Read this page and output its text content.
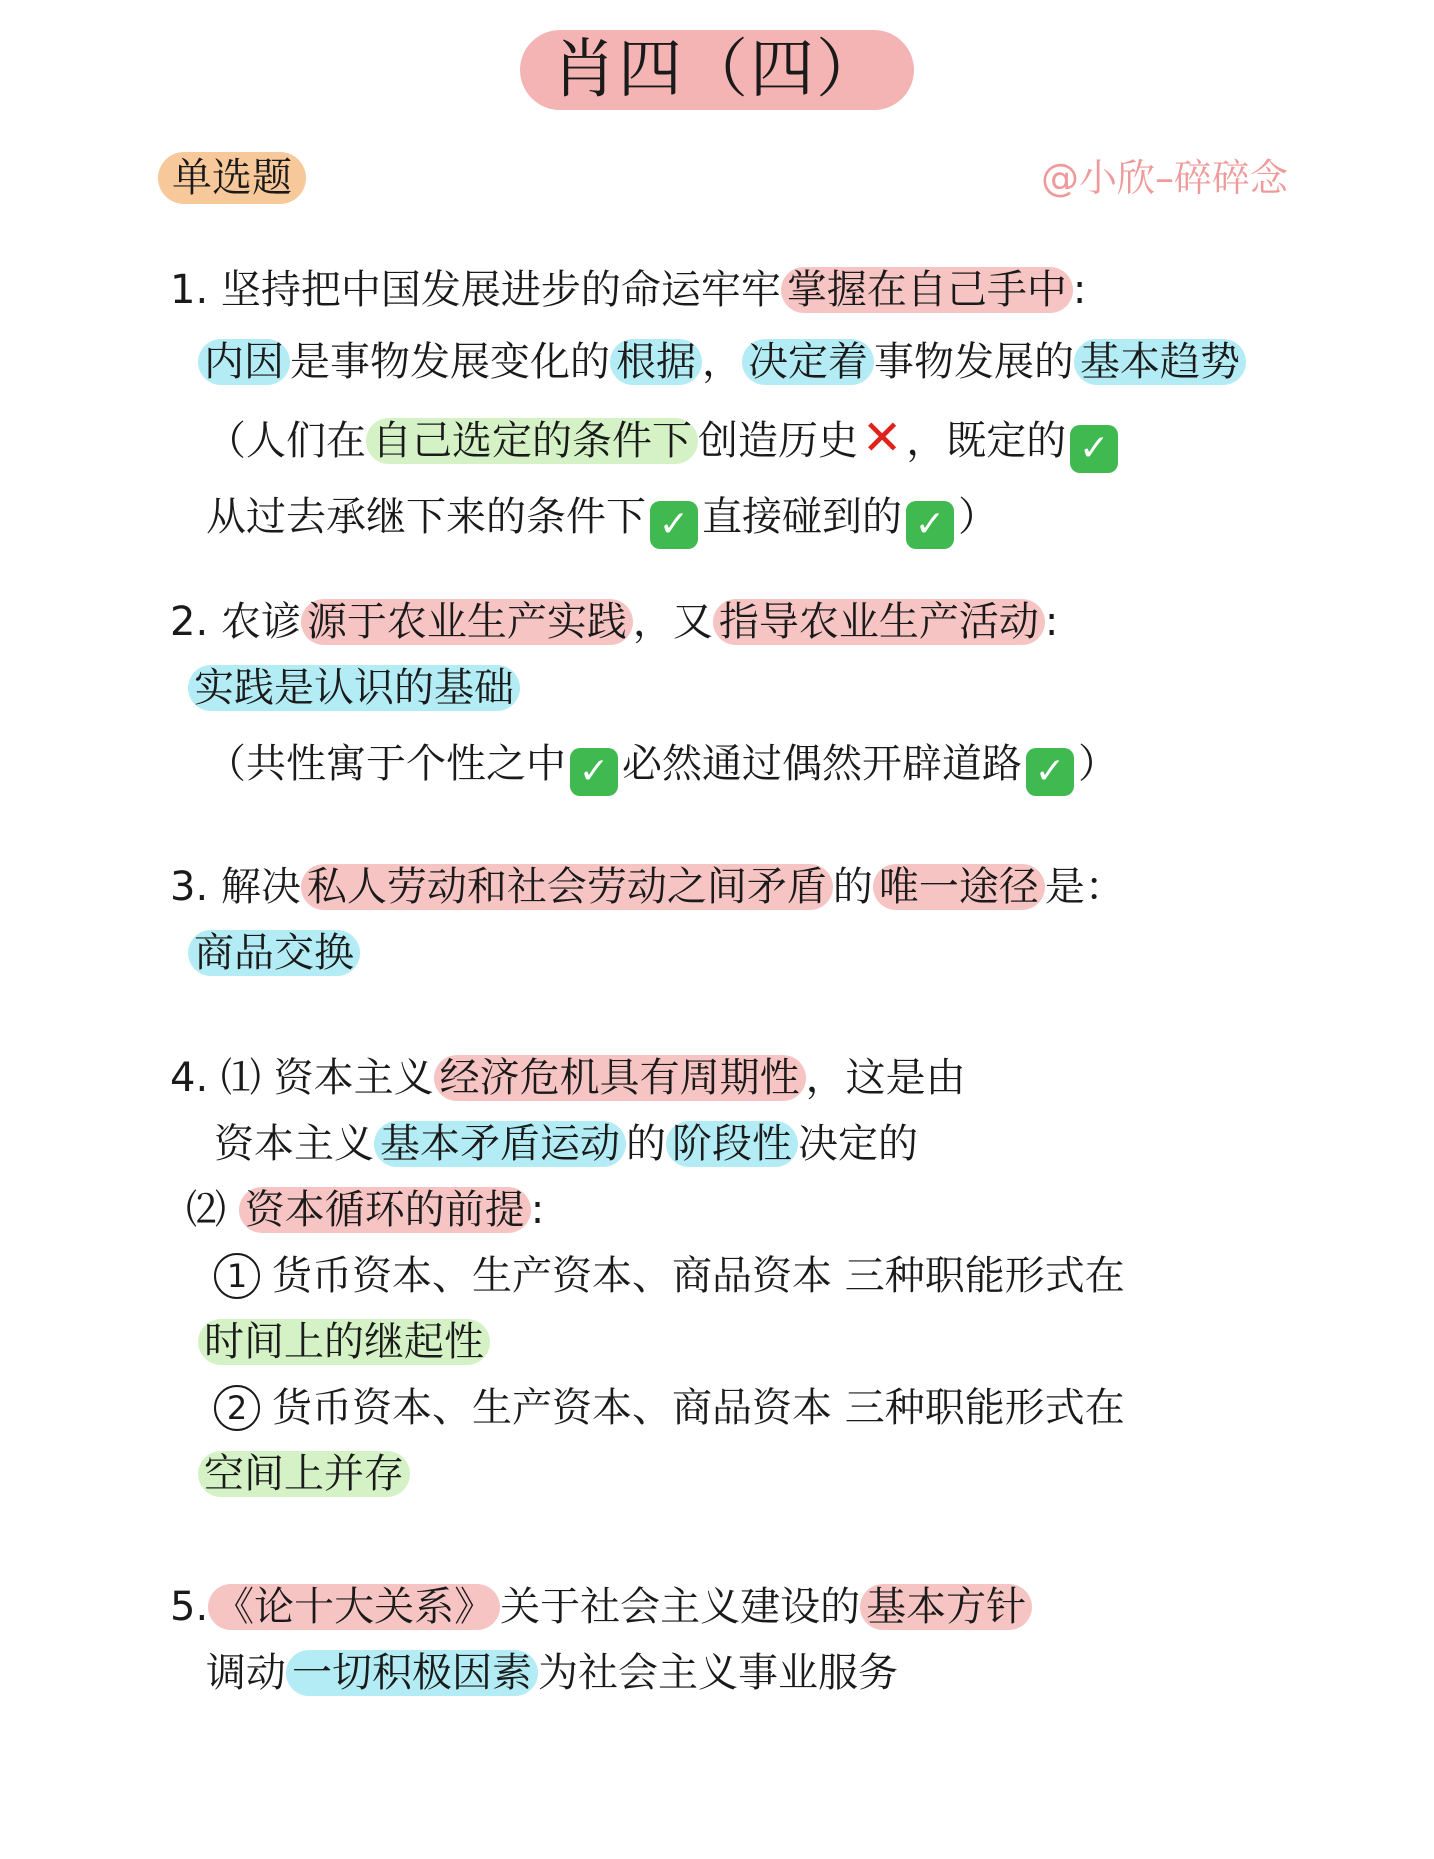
肖四（四）
单选题	@小欣–碎碎念
1. 坚持把中国发展进步的命运牢牢 掌握在自己手中 :
内因 是事物发展变化的 根据 ， 决定着 事物发展的 基本趋势
（人们在 自己选定的条件下 创造历史✕ ，既定的 ✓
从过去承继下来的条件下 ✓ 直接碰到的 ✓ ）
2. 农谚 源于农业生产实践 ，又 指导农业生产活动 :
实践是认识的基础
（共性寓于个性之中 ✓ 必然通过偶然开辟道路 ✓ ）
3. 解决 私人劳动和社会劳动之间矛盾 的 唯一途径 是：
商品交换
4. ⑴ 资本主义 经济危机具有周期性 ，这是由
资本主义 基本矛盾运动 的 阶段性 决定的
⑵ 资本循环的前提 :
1 货币资本、生产资本、商品资本 三种职能形式在
时间上的继起性
2 货币资本、生产资本、商品资本 三种职能形式在
空间上并存
5. 《论十大关系》 关于社会主义建设的 基本方针
调动 一切积极因素 为社会主义事业服务
